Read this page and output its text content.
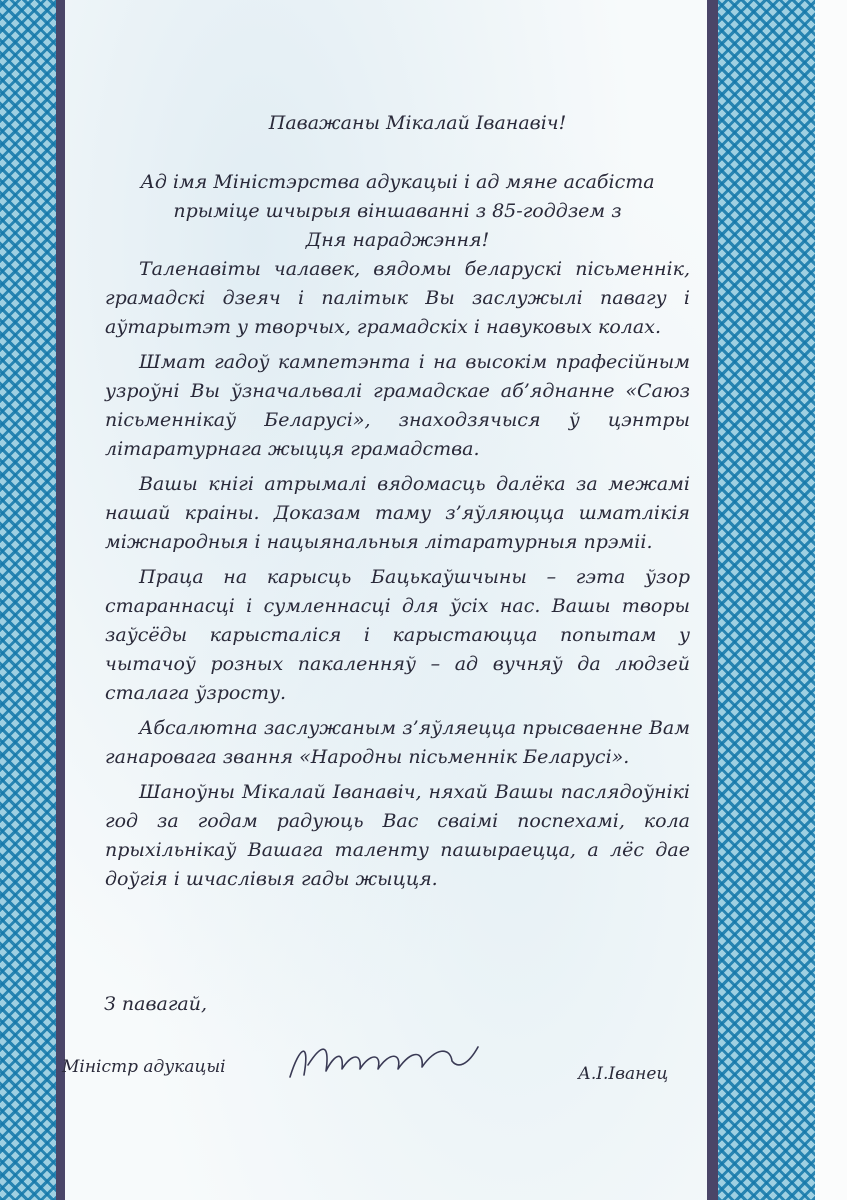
Паважаны Мікалай Іванавіч!

Ад імя Міністэрства адукацыі і ад мяне асабіста
прыміце шчырыя віншаванні з 85-годдзем з
Дня нараджэння!

Таленавіты чалавек, вядомы беларускі пісьменнік, грамадскі дзеяч і палітык Вы заслужылі павагу і аўтарытэт у творчых, грамадскіх і навуковых колах.

Шмат гадоў кампетэнта і на высокім прафесійным узроўні Вы ўзначальвалі грамадскае аб’яднанне «Саюз пісьменнікаў Беларусі», знаходзячыся ў цэнтры літаратурнага жыцця грамадства.

Вашы кнігі атрымалі вядомасць далёка за межамі нашай краіны. Доказам таму з’яўляюцца шматлікія міжнародныя і нацыянальныя літаратурныя прэміі.

Праца на карысць Бацькаўшчыны – гэта ўзор стараннасці і сумленнасці для ўсіх нас. Вашы творы заўсёды карысталіся і карыстаюцца попытам у чытачоў розных пакаленняў – ад вучняў да людзей сталага ўзросту.

Абсалютна заслужаным з’яўляецца прысваенне Вам ганаровага звання «Народны пісьменнік Беларусі».

Шаноўны Мікалай Іванавіч, няхай Вашы паслядоўнікі год за годам радуюць Вас сваімі поспехамі, кола прыхільнікаў Вашага таленту пашыраецца, а лёс дае доўгія і шчаслівыя гады жыцця.

З павагай,
Міністр адукацыі	А.І.Іванец
